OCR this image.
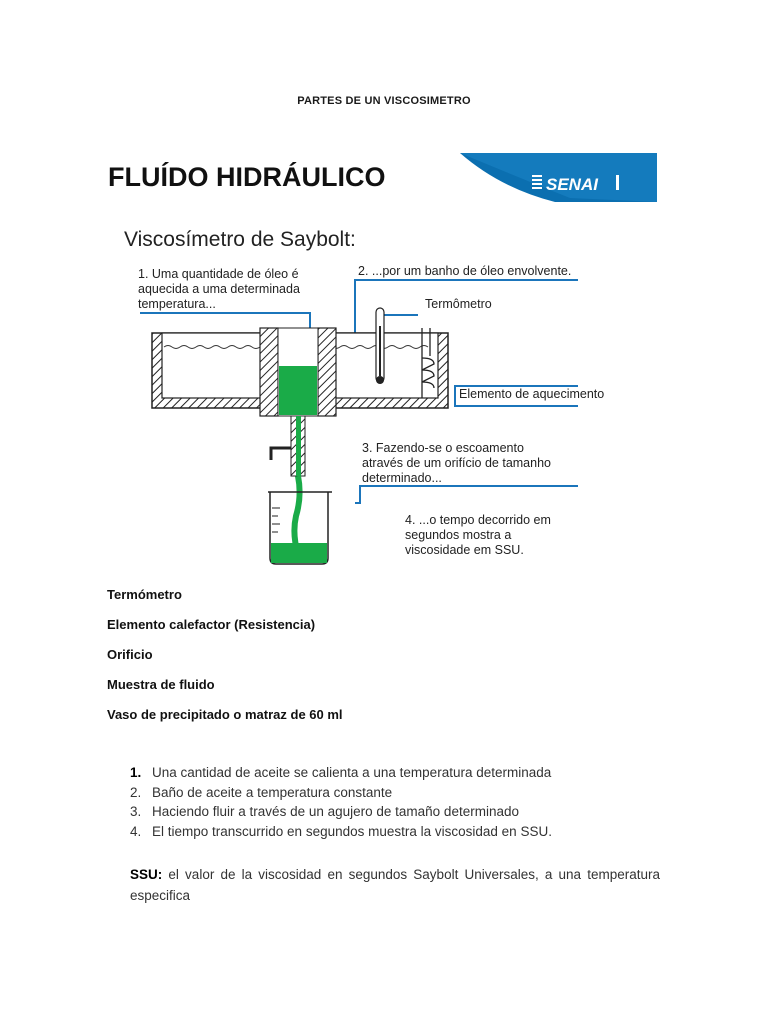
PARTES DE UN VISCOSIMETRO
FLUÍDO HIDRÁULICO	SENAI
Viscosímetro de Saybolt:
1. Uma quantidade de óleo é
aquecida a uma determinada
temperatura...
2. ...por um banho de óleo envolvente.
Termômetro
Elemento de aquecimento
3. Fazendo-se o escoamento
através de um orifício de tamanho
determinado...
4. ...o tempo decorrido em
segundos mostra a
viscosidade em SSU.
Termómetro
Elemento calefactor (Resistencia)
Orificio
Muestra de fluido
Vaso de precipitado o matraz de 60 ml
1. Una cantidad de aceite se calienta a una temperatura determinada
2. Baño de aceite a temperatura constante
3. Haciendo fluir a través de un agujero de tamaño determinado
4. El tiempo transcurrido en segundos muestra la viscosidad en SSU.

SSU: el valor de la viscosidad en segundos Saybolt Universales, a una temperatura especifica
